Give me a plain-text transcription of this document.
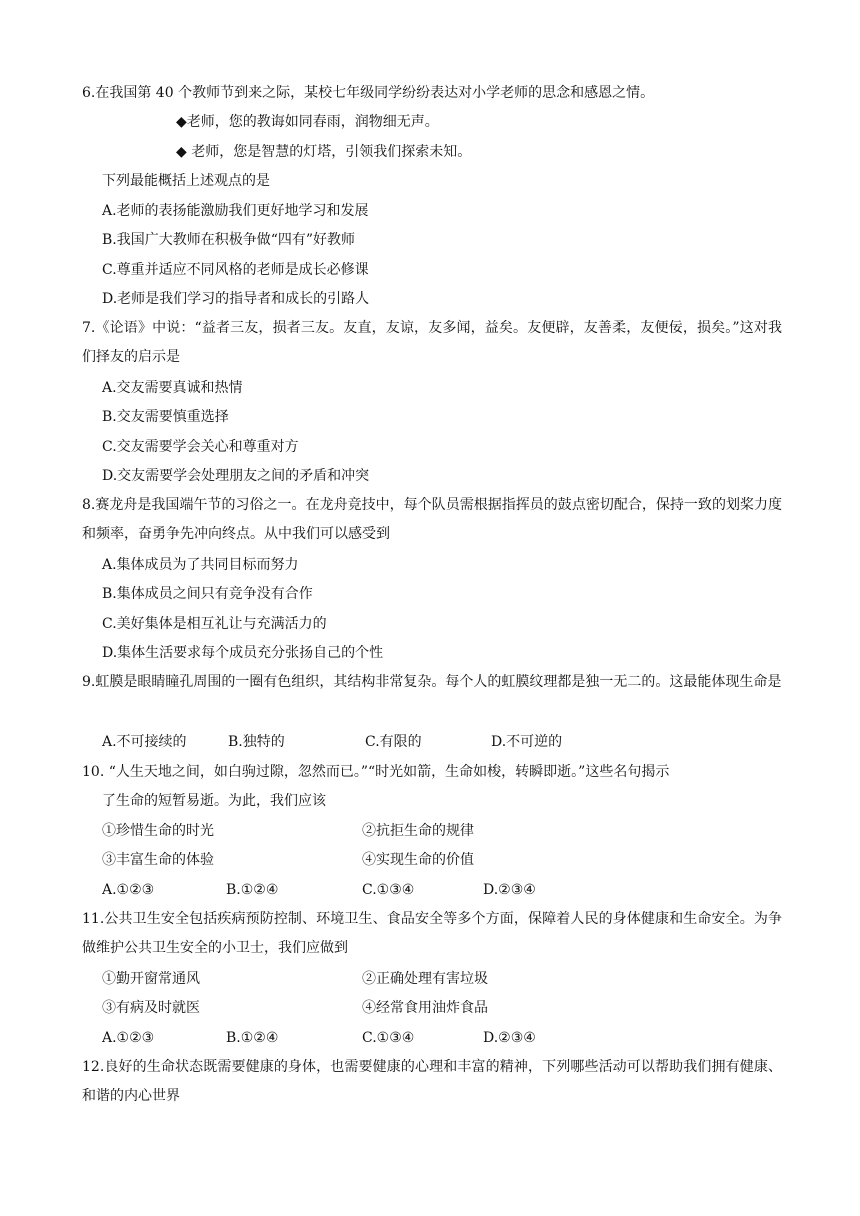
6.在我国第 40 个教师节到来之际，某校七年级同学纷纷表达对小学老师的思念和感恩之情。
◆老师，您的教诲如同春雨，润物细无声。
◆ 老师，您是智慧的灯塔，引领我们探索未知。
下列最能概括上述观点的是
A.老师的表扬能激励我们更好地学习和发展
B.我国广大教师在积极争做“四有”好教师
C.尊重并适应不同风格的老师是成长必修课
D.老师是我们学习的指导者和成长的引路人
7.《论语》中说：“益者三友，损者三友。友直，友谅，友多闻，益矣。友便辟，友善柔，友便佞，损矣。”这对我们择友的启示是
A.交友需要真诚和热情
B.交友需要慎重选择
C.交友需要学会关心和尊重对方
D.交友需要学会处理朋友之间的矛盾和冲突
8.赛龙舟是我国端午节的习俗之一。在龙舟竞技中，每个队员需根据指挥员的鼓点密切配合，保持一致的划桨力度和频率，奋勇争先冲向终点。从中我们可以感受到
A.集体成员为了共同目标而努力
B.集体成员之间只有竞争没有合作
C.美好集体是相互礼让与充满活力的
D.集体生活要求每个成员充分张扬自己的个性
9.虹膜是眼睛瞳孔周围的一圈有色组织，其结构非常复杂。每个人的虹膜纹理都是独一无二的。这最能体现生命是
A.不可接续的	B.独特的	C.有限的	D.不可逆的
10. “人生天地之间，如白驹过隙，忽然而已。”“时光如箭，生命如梭，转瞬即逝。”这些名句揭示
了生命的短暂易逝。为此，我们应该
①珍惜生命的时光	②抗拒生命的规律
③丰富生命的体验	④实现生命的价值
A.①②③	B.①②④	C.①③④	D.②③④
11.公共卫生安全包括疾病预防控制、环境卫生、食品安全等多个方面，保障着人民的身体健康和生命安全。为争做维护公共卫生安全的小卫士，我们应做到
①勤开窗常通风	②正确处理有害垃圾
③有病及时就医	④经常食用油炸食品
A.①②③	B.①②④	C.①③④	D.②③④
12.良好的生命状态既需要健康的身体，也需要健康的心理和丰富的精神，下列哪些活动可以帮助我们拥有健康、和谐的内心世界
